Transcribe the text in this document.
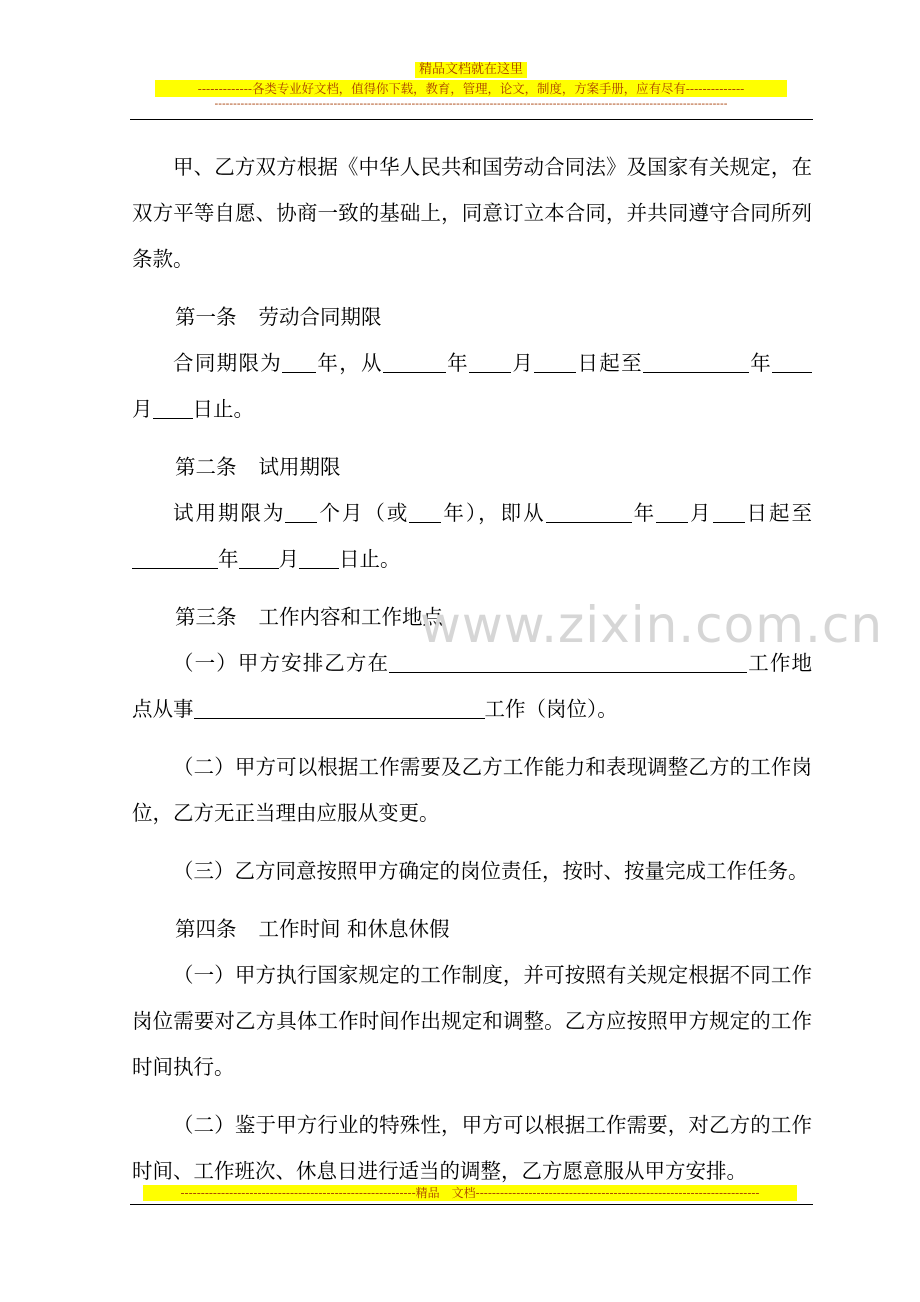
精品文档就在这里
-------------各类专业好文档，值得你下载，教育，管理，论文，制度，方案手册，应有尽有--------------
------------------------------------------------------------------------------------------------------------------------------------------

甲、乙方双方根据《中华人民共和国劳动合同法》及国家有关规定，在双方平等自愿、协商一致的基础上，同意订立本合同，并共同遵守合同所列条款。

第一条 劳动合同期限

合同期限为 年，从	年 月 日起至	年 月 日止。

第二条 试用期限

试用期限为 个月（或 年），即从	年 月 日起至 年 月 日止。

第三条 工作内容和工作地点

（一）甲方安排乙方在	工作地点从事	工作（岗位）。

（二）甲方可以根据工作需要及乙方工作能力和表现调整乙方的工作岗位，乙方无正当理由应服从变更。

（三）乙方同意按照甲方确定的岗位责任，按时、按量完成工作任务。

第四条 工作时间 和休息休假

（一）甲方执行国家规定的工作制度，并可按照有关规定根据不同工作岗位需要对乙方具体工作时间作出规定和调整。乙方应按照甲方规定的工作时间执行。

（二）鉴于甲方行业的特殊性，甲方可以根据工作需要，对乙方的工作时间、工作班次、休息日进行适当的调整，乙方愿意服从甲方安排。

www.zixin.com.cn
----------------------------------------------------------精品　文档----------------------------------------------------------------------
